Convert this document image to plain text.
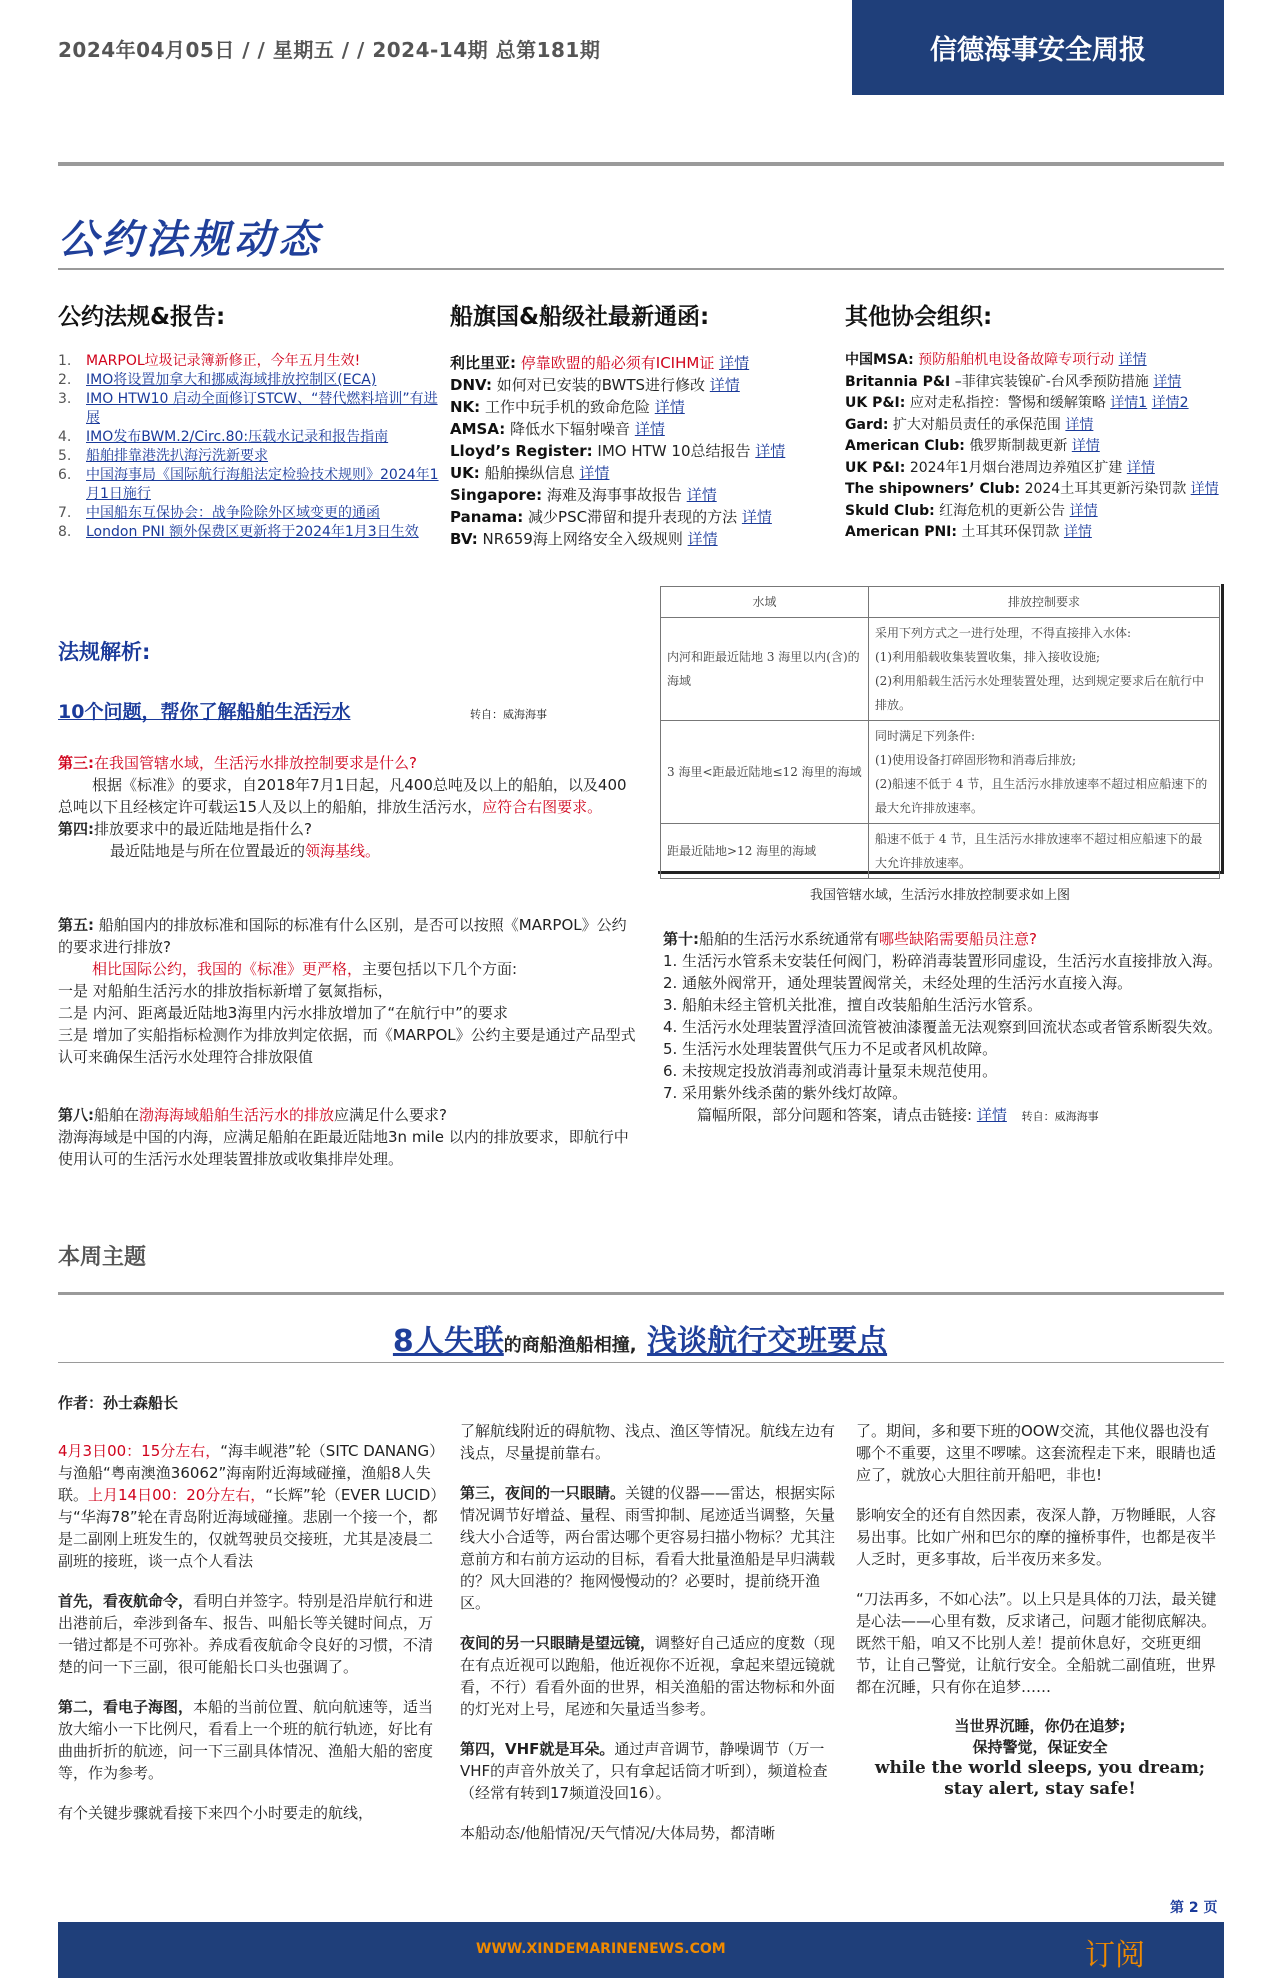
2024年04月05日 / / 星期五 / / 2024-14期 总第181期	信德海事安全周报
公约法规动态
公约法规&报告:	船旗国&船级社最新通函:	其他协会组织:
1.	MARPOL垃圾记录簿新修正，今年五月生效!
2.	IMO将设置加拿大和挪威海域排放控制区(ECA)
3.	IMO HTW10 启动全面修订STCW、“替代燃料培训”有进展
4.	IMO发布BWM.2/Circ.80:压载水记录和报告指南
5.	船舶排靠港洗扒海污洗新要求
6.	中国海事局《国际航行海船法定检验技术规则》2024年1月1日施行
7.	中国船东互保协会：战争险除外区域变更的通函
8.	London PNI 额外保费区更新将于2024年1月3日生效
利比里亚: 停靠欧盟的船必须有ICIHM证 详情
DNV: 如何对已安装的BWTS进行修改 详情
NK: 工作中玩手机的致命危险 详情
AMSA: 降低水下辐射噪音 详情
Lloyd’s Register: IMO HTW 10总结报告 详情
UK: 船舶操纵信息 详情
Singapore: 海难及海事事故报告 详情
Panama: 减少PSC滞留和提升表现的方法 详情
BV: NR659海上网络安全入级规则 详情
中国MSA: 预防船舶机电设备故障专项行动 详情
Britannia P&I –菲律宾装镍矿-台风季预防措施 详情
UK P&I: 应对走私指控：警惕和缓解策略 详情1 详情2
Gard: 扩大对船员责任的承保范围 详情
American Club: 俄罗斯制裁更新 详情
UK P&I: 2024年1月烟台港周边养殖区扩建 详情
The shipowners’ Club: 2024土耳其更新污染罚款 详情
Skuld Club: 红海危机的更新公告 详情
American PNI: 土耳其环保罚款 详情
法规解析:
10个问题，帮你了解船舶生活污水	转自：威海海事
第三:在我国管辖水域，生活污水排放控制要求是什么?
根据《标准》的要求，自2018年7月1日起，凡400总吨及以上的船舶，以及400总吨以下且经核定许可载运15人及以上的船舶，排放生活污水，应符合右图要求。
第四:排放要求中的最近陆地是指什么?
最近陆地是与所在位置最近的领海基线。
第五: 船舶国内的排放标准和国际的标准有什么区别，是否可以按照《MARPOL》公约的要求进行排放?
相比国际公约，我国的《标准》更严格，主要包括以下几个方面:
一是 对船舶生活污水的排放指标新增了氨氮指标，
二是 内河、距离最近陆地3海里内污水排放增加了“在航行中”的要求
三是 增加了实船指标检测作为排放判定依据，而《MARPOL》公约主要是通过产品型式认可来确保生活污水处理符合排放限值
第八:船舶在渤海海域船舶生活污水的排放应满足什么要求?
渤海海域是中国的内海，应满足船舶在距最近陆地3n mile 以内的排放要求，即航行中使用认可的生活污水处理装置排放或收集排岸处理。
水域	排放控制要求
内河和距最近陆地 3 海里以内(含)的海域	采用下列方式之一进行处理，不得直接排入水体:
(1)利用船载收集装置收集，排入接收设施;
(2)利用船载生活污水处理装置处理，达到规定要求后在航行中排放。

3 海里<距最近陆地≤12 海里的海域	同时满足下列条件:
(1)使用设备打碎固形物和消毒后排放;
(2)船速不低于 4 节，且生活污水排放速率不超过相应船速下的最大允许排放速率。

距最近陆地>12 海里的海域	船速不低于 4 节，且生活污水排放速率不超过相应船速下的最大允许排放速率。
我国管辖水域，生活污水排放控制要求如上图
第十:船舶的生活污水系统通常有哪些缺陷需要船员注意?
1. 生活污水管系未安装任何阀门，粉碎消毒装置形同虚设，生活污水直接排放入海。
2. 通舷外阀常开，通处理装置阀常关，未经处理的生活污水直接入海。
3. 船舶未经主管机关批准，擅自改装船舶生活污水管系。
4. 生活污水处理装置浮渣回流管被油漆覆盖无法观察到回流状态或者管系断裂失效。
5. 生活污水处理装置供气压力不足或者风机故障。
6. 未按规定投放消毒剂或消毒计量泵未规范使用。
7. 采用紫外线杀菌的紫外线灯故障。
篇幅所限，部分问题和答案，请点击链接: 详情 转自：威海海事
本周主题
8人失联的商船渔船相撞, 浅谈航行交班要点
作者：孙士森船长

4月3日00：15分左右，“海丰岘港”轮（SITC DANANG）与渔船“粤南澳渔36062”海南附近海域碰撞，渔船8人失联。上月14日00：20分左右，“长辉”轮（EVER LUCID）与“华海78”轮在青岛附近海域碰撞。悲剧一个接一个，都是二副刚上班发生的，仅就驾驶员交接班，尤其是凌晨二副班的接班，谈一点个人看法

首先，看夜航命令，看明白并签字。特别是沿岸航行和进出港前后，牵涉到备车、报告、叫船长等关键时间点，万一错过都是不可弥补。养成看夜航命令良好的习惯，不清楚的问一下三副，很可能船长口头也强调了。

第二，看电子海图，本船的当前位置、航向航速等，适当放大缩小一下比例尺，看看上一个班的航行轨迹，好比有曲曲折折的航迹，问一下三副具体情况、渔船大船的密度等，作为参考。

有个关键步骤就看接下来四个小时要走的航线，

了解航线附近的碍航物、浅点、渔区等情况。航线左边有浅点，尽量提前靠右。

第三，夜间的一只眼睛。关键的仪器——雷达，根据实际情况调节好增益、量程、雨雪抑制、尾迹适当调整，矢量线大小合适等，两台雷达哪个更容易扫描小物标？尤其注意前方和右前方运动的目标，看看大批量渔船是早归满载的？风大回港的？拖网慢慢动的？必要时，提前绕开渔区。

夜间的另一只眼睛是望远镜，调整好自己适应的度数（现在有点近视可以跑船，他近视你不近视，拿起来望远镜就看，不行）看看外面的世界，相关渔船的雷达物标和外面的灯光对上号，尾迹和矢量适当参考。

第四，VHF就是耳朵。通过声音调节，静噪调节（万一VHF的声音外放关了，只有拿起话筒才听到），频道检查（经常有转到17频道没回16）。

本船动态/他船情况/天气情况/大体局势，都清晰

了。期间，多和要下班的OOW交流，其他仪器也没有哪个不重要，这里不啰嗦。这套流程走下来，眼睛也适应了，就放心大胆往前开船吧，非也!

影响安全的还有自然因素，夜深人静，万物睡眠，人容易出事。比如广州和巴尔的摩的撞桥事件，也都是夜半人乏时，更多事故，后半夜历来多发。

“刀法再多，不如心法”。以上只是具体的刀法，最关键是心法——心里有数，反求诸己，问题才能彻底解决。既然干船，咱又不比别人差！提前休息好，交班更细节，让自己警觉，让航行安全。全船就二副值班，世界都在沉睡，只有你在追梦……

当世界沉睡，你仍在追梦;
保持警觉，保证安全
while the world sleeps, you dream;
stay alert, stay safe!
第 2 页
WWW.XINDEMARINENEWS.COM	订阅
